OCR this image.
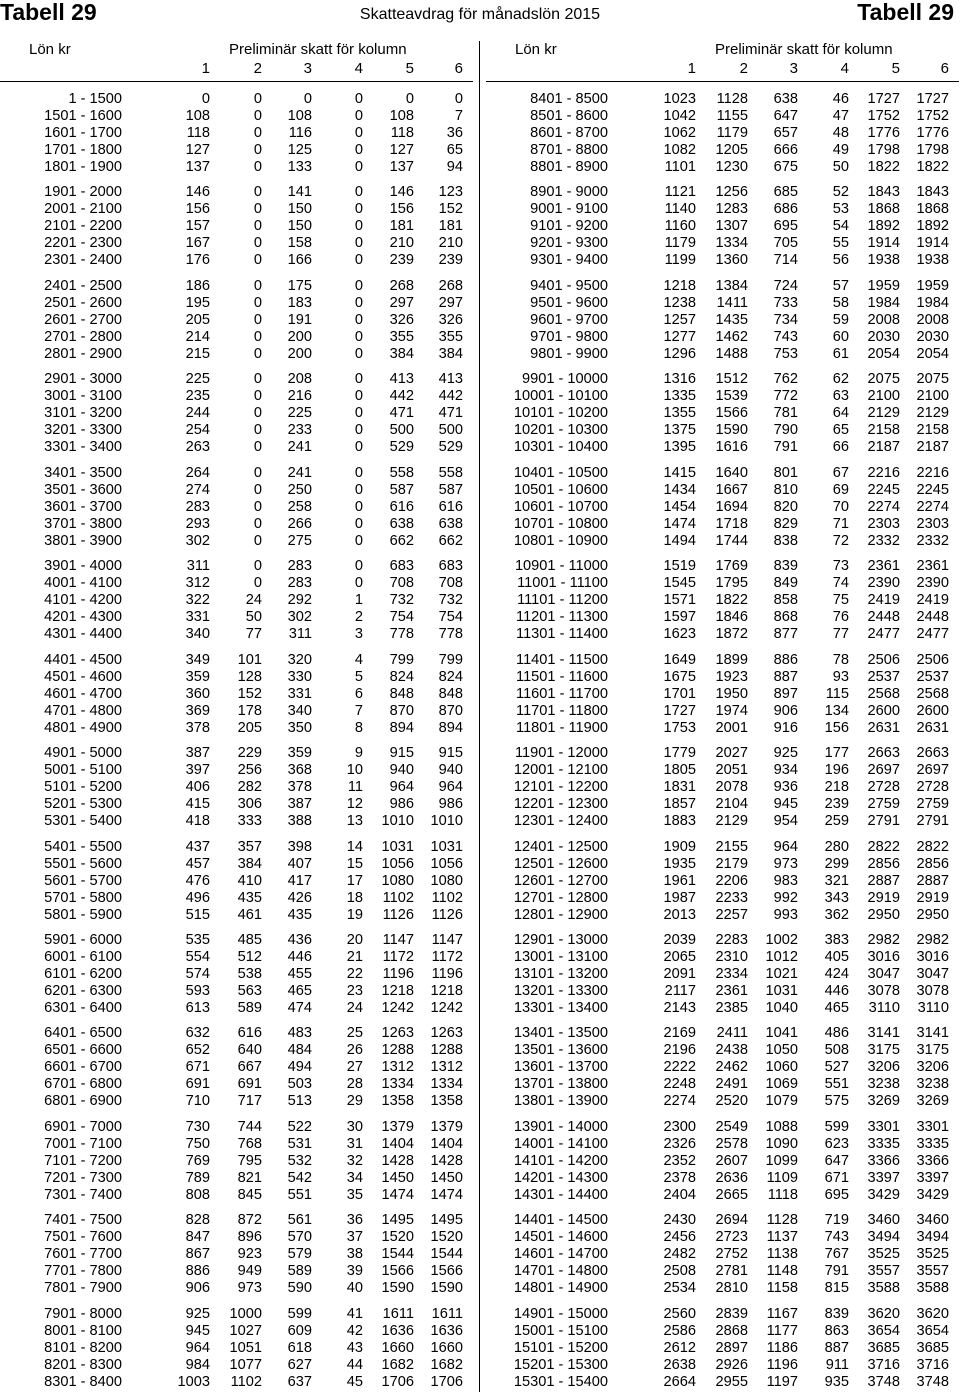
Tabell 29	Skatteavdrag för månadslön 2015	Tabell 29
Lön kr	Preliminär skatt för kolumn
1	2	3	4	5	6
Lön kr	Preliminär skatt för kolumn
1	2	3	4	5	6
1 - 1500	0	0	0	0	0	0
1501 - 1600	108	0	108	0	108	7
1601 - 1700	118	0	116	0	118	36
1701 - 1800	127	0	125	0	127	65
1801 - 1900	137	0	133	0	137	94
1901 - 2000	146	0	141	0	146	123
2001 - 2100	156	0	150	0	156	152
2101 - 2200	157	0	150	0	181	181
2201 - 2300	167	0	158	0	210	210
2301 - 2400	176	0	166	0	239	239
2401 - 2500	186	0	175	0	268	268
2501 - 2600	195	0	183	0	297	297
2601 - 2700	205	0	191	0	326	326
2701 - 2800	214	0	200	0	355	355
2801 - 2900	215	0	200	0	384	384
2901 - 3000	225	0	208	0	413	413
3001 - 3100	235	0	216	0	442	442
3101 - 3200	244	0	225	0	471	471
3201 - 3300	254	0	233	0	500	500
3301 - 3400	263	0	241	0	529	529
3401 - 3500	264	0	241	0	558	558
3501 - 3600	274	0	250	0	587	587
3601 - 3700	283	0	258	0	616	616
3701 - 3800	293	0	266	0	638	638
3801 - 3900	302	0	275	0	662	662
3901 - 4000	311	0	283	0	683	683
4001 - 4100	312	0	283	0	708	708
4101 - 4200	322	24	292	1	732	732
4201 - 4300	331	50	302	2	754	754
4301 - 4400	340	77	311	3	778	778
4401 - 4500	349	101	320	4	799	799
4501 - 4600	359	128	330	5	824	824
4601 - 4700	360	152	331	6	848	848
4701 - 4800	369	178	340	7	870	870
4801 - 4900	378	205	350	8	894	894
4901 - 5000	387	229	359	9	915	915
5001 - 5100	397	256	368	10	940	940
5101 - 5200	406	282	378	11	964	964
5201 - 5300	415	306	387	12	986	986
5301 - 5400	418	333	388	13	1010	1010
5401 - 5500	437	357	398	14	1031	1031
5501 - 5600	457	384	407	15	1056	1056
5601 - 5700	476	410	417	17	1080	1080
5701 - 5800	496	435	426	18	1102	1102
5801 - 5900	515	461	435	19	1126	1126
5901 - 6000	535	485	436	20	1147	1147
6001 - 6100	554	512	446	21	1172	1172
6101 - 6200	574	538	455	22	1196	1196
6201 - 6300	593	563	465	23	1218	1218
6301 - 6400	613	589	474	24	1242	1242
6401 - 6500	632	616	483	25	1263	1263
6501 - 6600	652	640	484	26	1288	1288
6601 - 6700	671	667	494	27	1312	1312
6701 - 6800	691	691	503	28	1334	1334
6801 - 6900	710	717	513	29	1358	1358
6901 - 7000	730	744	522	30	1379	1379
7001 - 7100	750	768	531	31	1404	1404
7101 - 7200	769	795	532	32	1428	1428
7201 - 7300	789	821	542	34	1450	1450
7301 - 7400	808	845	551	35	1474	1474
7401 - 7500	828	872	561	36	1495	1495
7501 - 7600	847	896	570	37	1520	1520
7601 - 7700	867	923	579	38	1544	1544
7701 - 7800	886	949	589	39	1566	1566
7801 - 7900	906	973	590	40	1590	1590
7901 - 8000	925	1000	599	41	1611	1611
8001 - 8100	945	1027	609	42	1636	1636
8101 - 8200	964	1051	618	43	1660	1660
8201 - 8300	984	1077	627	44	1682	1682
8301 - 8400	1003	1102	637	45	1706	1706
8401 - 8500	1023	1128	638	46	1727	1727
8501 - 8600	1042	1155	647	47	1752	1752
8601 - 8700	1062	1179	657	48	1776	1776
8701 - 8800	1082	1205	666	49	1798	1798
8801 - 8900	1101	1230	675	50	1822	1822
8901 - 9000	1121	1256	685	52	1843	1843
9001 - 9100	1140	1283	686	53	1868	1868
9101 - 9200	1160	1307	695	54	1892	1892
9201 - 9300	1179	1334	705	55	1914	1914
9301 - 9400	1199	1360	714	56	1938	1938
9401 - 9500	1218	1384	724	57	1959	1959
9501 - 9600	1238	1411	733	58	1984	1984
9601 - 9700	1257	1435	734	59	2008	2008
9701 - 9800	1277	1462	743	60	2030	2030
9801 - 9900	1296	1488	753	61	2054	2054
9901 - 10000	1316	1512	762	62	2075	2075
10001 - 10100	1335	1539	772	63	2100	2100
10101 - 10200	1355	1566	781	64	2129	2129
10201 - 10300	1375	1590	790	65	2158	2158
10301 - 10400	1395	1616	791	66	2187	2187
10401 - 10500	1415	1640	801	67	2216	2216
10501 - 10600	1434	1667	810	69	2245	2245
10601 - 10700	1454	1694	820	70	2274	2274
10701 - 10800	1474	1718	829	71	2303	2303
10801 - 10900	1494	1744	838	72	2332	2332
10901 - 11000	1519	1769	839	73	2361	2361
11001 - 11100	1545	1795	849	74	2390	2390
11101 - 11200	1571	1822	858	75	2419	2419
11201 - 11300	1597	1846	868	76	2448	2448
11301 - 11400	1623	1872	877	77	2477	2477
11401 - 11500	1649	1899	886	78	2506	2506
11501 - 11600	1675	1923	887	93	2537	2537
11601 - 11700	1701	1950	897	115	2568	2568
11701 - 11800	1727	1974	906	134	2600	2600
11801 - 11900	1753	2001	916	156	2631	2631
11901 - 12000	1779	2027	925	177	2663	2663
12001 - 12100	1805	2051	934	196	2697	2697
12101 - 12200	1831	2078	936	218	2728	2728
12201 - 12300	1857	2104	945	239	2759	2759
12301 - 12400	1883	2129	954	259	2791	2791
12401 - 12500	1909	2155	964	280	2822	2822
12501 - 12600	1935	2179	973	299	2856	2856
12601 - 12700	1961	2206	983	321	2887	2887
12701 - 12800	1987	2233	992	343	2919	2919
12801 - 12900	2013	2257	993	362	2950	2950
12901 - 13000	2039	2283	1002	383	2982	2982
13001 - 13100	2065	2310	1012	405	3016	3016
13101 - 13200	2091	2334	1021	424	3047	3047
13201 - 13300	2117	2361	1031	446	3078	3078
13301 - 13400	2143	2385	1040	465	3110	3110
13401 - 13500	2169	2411	1041	486	3141	3141
13501 - 13600	2196	2438	1050	508	3175	3175
13601 - 13700	2222	2462	1060	527	3206	3206
13701 - 13800	2248	2491	1069	551	3238	3238
13801 - 13900	2274	2520	1079	575	3269	3269
13901 - 14000	2300	2549	1088	599	3301	3301
14001 - 14100	2326	2578	1090	623	3335	3335
14101 - 14200	2352	2607	1099	647	3366	3366
14201 - 14300	2378	2636	1109	671	3397	3397
14301 - 14400	2404	2665	1118	695	3429	3429
14401 - 14500	2430	2694	1128	719	3460	3460
14501 - 14600	2456	2723	1137	743	3494	3494
14601 - 14700	2482	2752	1138	767	3525	3525
14701 - 14800	2508	2781	1148	791	3557	3557
14801 - 14900	2534	2810	1158	815	3588	3588
14901 - 15000	2560	2839	1167	839	3620	3620
15001 - 15100	2586	2868	1177	863	3654	3654
15101 - 15200	2612	2897	1186	887	3685	3685
15201 - 15300	2638	2926	1196	911	3716	3716
15301 - 15400	2664	2955	1197	935	3748	3748
